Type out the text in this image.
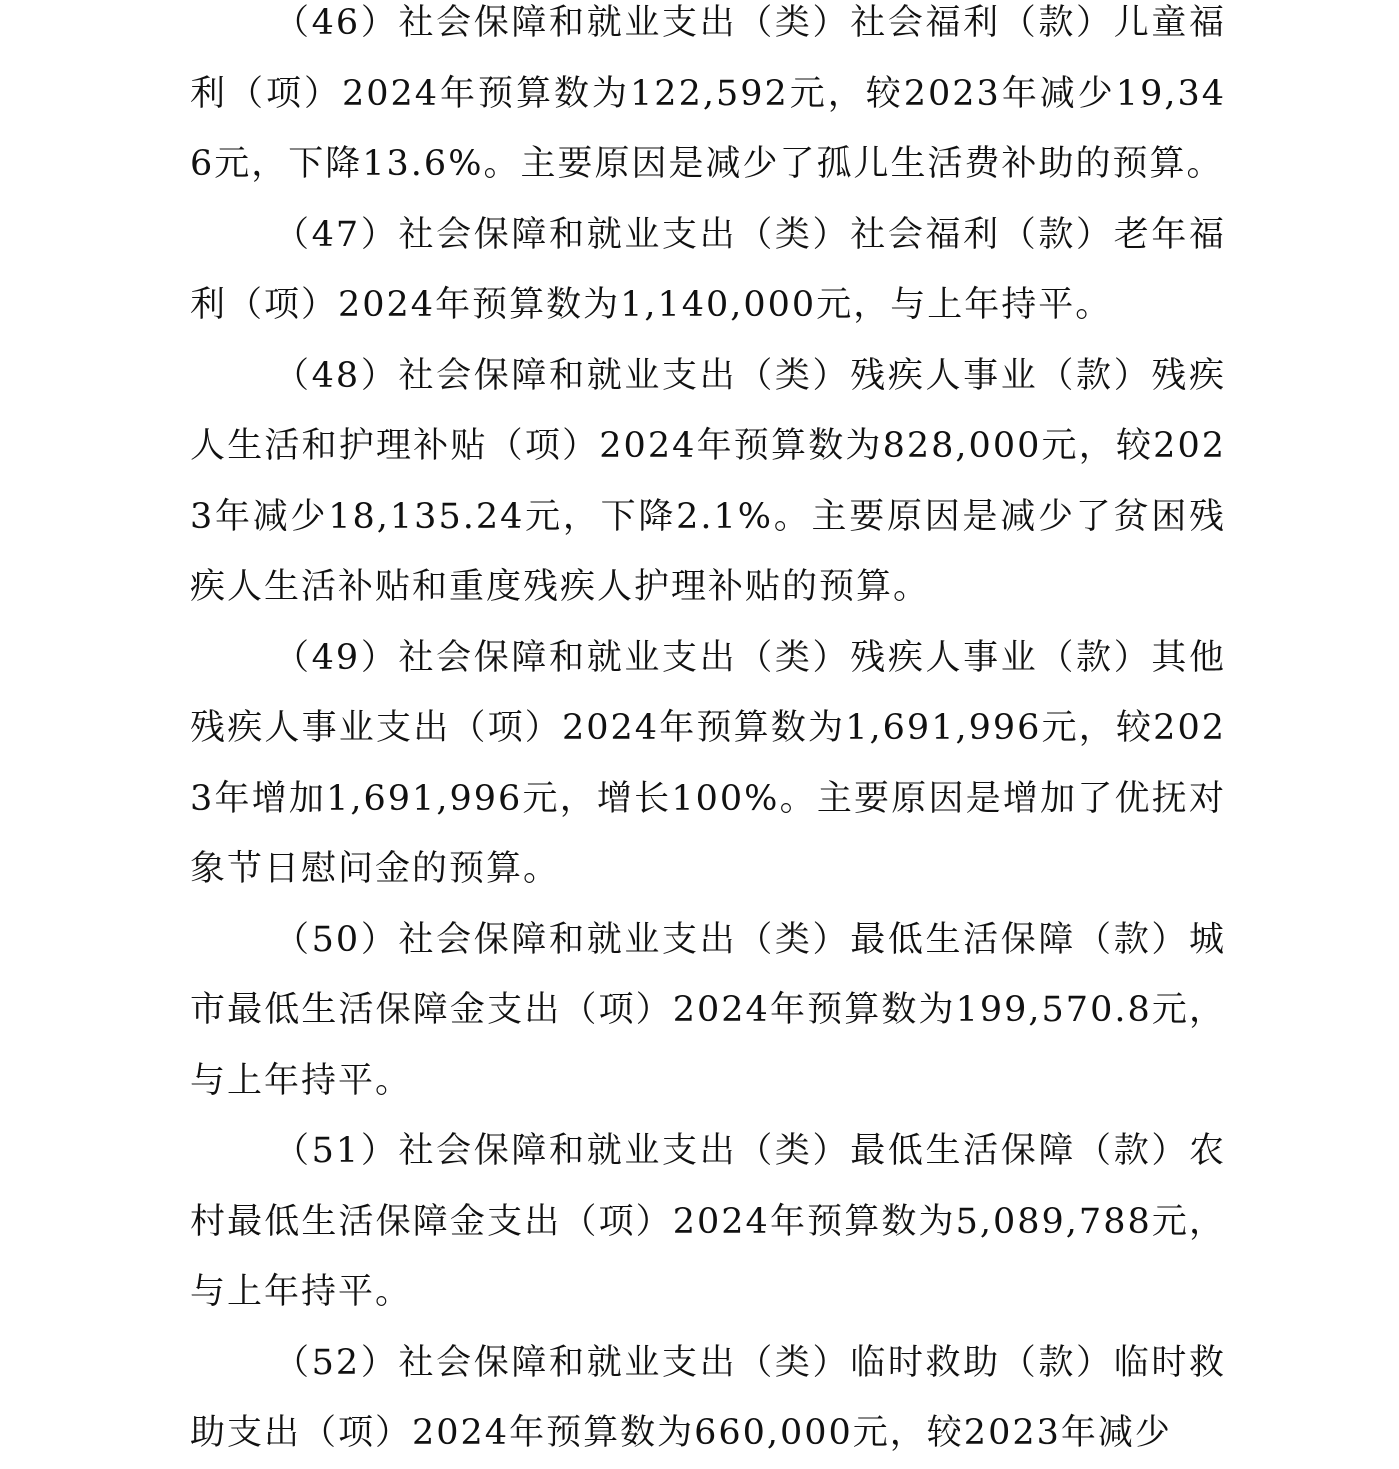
（46）社会保障和就业支出（类）社会福利（款）儿童福利（项）2024年预算数为122,592元，较2023年减少19,346元，下降13.6%。主要原因是减少了孤儿生活费补助的预算。

（47）社会保障和就业支出（类）社会福利（款）老年福利（项）2024年预算数为1,140,000元，与上年持平。

（48）社会保障和就业支出（类）残疾人事业（款）残疾人生活和护理补贴（项）2024年预算数为828,000元，较2023年减少18,135.24元，下降2.1%。主要原因是减少了贫困残疾人生活补贴和重度残疾人护理补贴的预算。

（49）社会保障和就业支出（类）残疾人事业（款）其他残疾人事业支出（项）2024年预算数为1,691,996元，较2023年增加1,691,996元，增长100%。主要原因是增加了优抚对象节日慰问金的预算。

（50）社会保障和就业支出（类）最低生活保障（款）城市最低生活保障金支出（项）2024年预算数为199,570.8元，与上年持平。

（51）社会保障和就业支出（类）最低生活保障（款）农村最低生活保障金支出（项）2024年预算数为5,089,788元，与上年持平。

（52）社会保障和就业支出（类）临时救助（款）临时救助支出（项）2024年预算数为660,000元，较2023年减少
